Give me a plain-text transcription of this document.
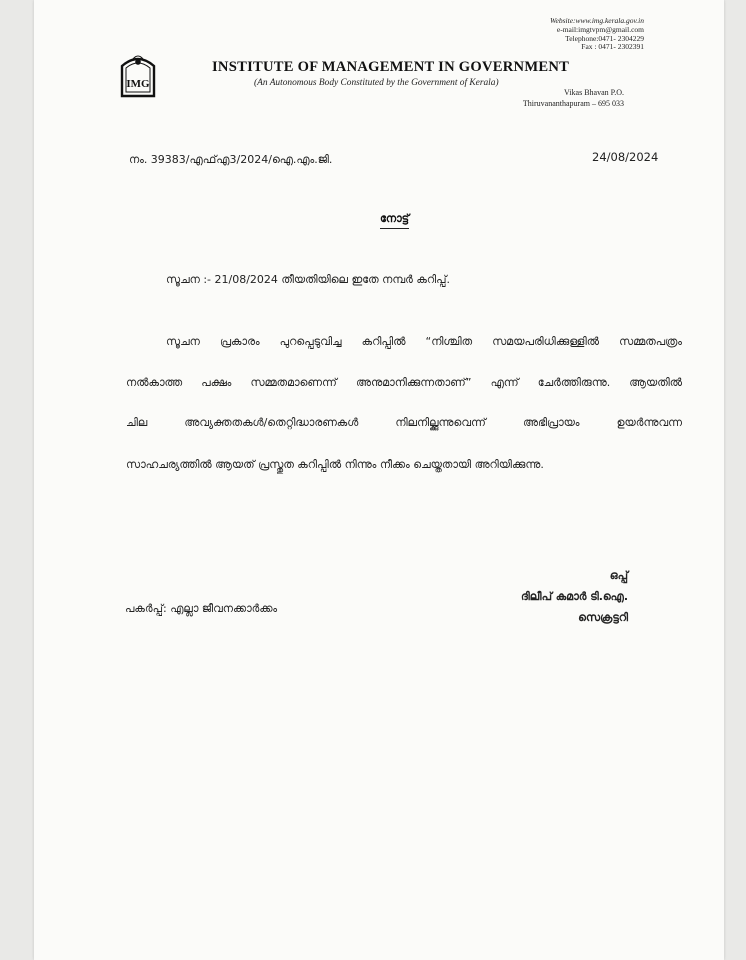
Website:www.img.kerala.gov.in
e-mail:imgtvpm@gmail.com
Telephone:0471- 2304229
Fax : 0471- 2302391
IMG
INSTITUTE OF MANAGEMENT IN GOVERNMENT
(An Autonomous Body Constituted by the Government of Kerala)
Vikas Bhavan P.O.
Thiruvananthapuram – 695 033
നം. 39383/എഫ്എ3/2024/ഐ.എം.ജി.	24/08/2024
നോട്ട്
സൂചന :- 21/08/2024 തീയതിയിലെ ഇതേ നമ്പർ കറിപ്പ്.
സൂചന പ്രകാരം പുറപ്പെടുവിച്ച കറിപ്പിൽ “നിശ്ചിത സമയപരിധിക്കുള്ളിൽ സമ്മതപത്രം
നൽകാത്ത പക്ഷം സമ്മതമാണെന്ന് അനുമാനിക്കുന്നതാണ്” എന്ന് ചേർത്തിരുന്നു. ആയതിൽ
ചില അവ്യക്തതകൾ/തെറ്റിദ്ധാരണകൾ നിലനില്ക്കുന്നുവെന്ന് അഭിപ്രായം ഉയർന്നുവന്ന
സാഹചര്യത്തിൽ ആയത് പ്രസ്തുത കറിപ്പിൽ നിന്നും നീക്കം ചെയ്തതായി അറിയിക്കുന്നു.
ഒപ്പ്
ദിലീപ് കമാർ ടി.ഐ.
സെക്രട്ടറി
പകർപ്പ്: എല്ലാ ജീവനക്കാർക്കം
